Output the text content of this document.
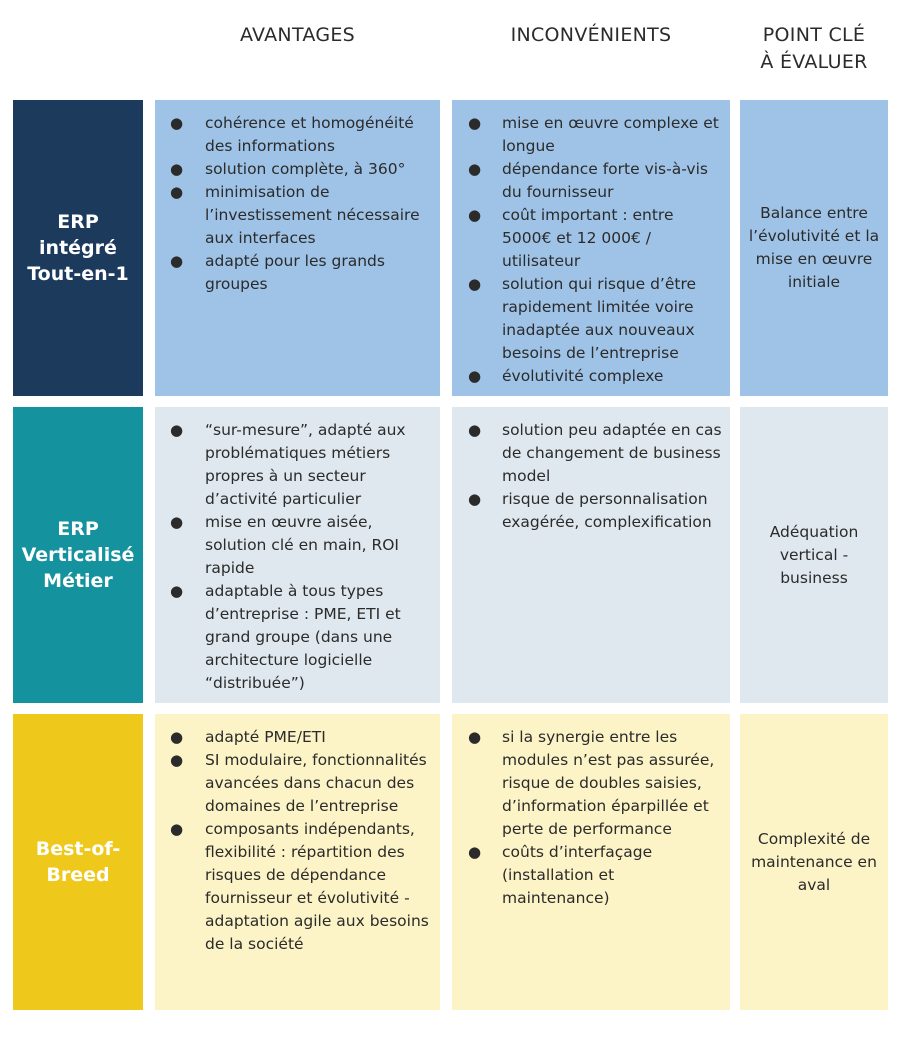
AVANTAGES	INCONVÉNIENTS	POINT CLÉ
À ÉVALUER
ERP
intégré
Tout-en-1
● cohérence et homogénéité des informations
● solution complète, à 360°
● minimisation de l’investissement nécessaire aux interfaces
● adapté pour les grands groupes
● mise en œuvre complexe et longue
● dépendance forte vis-à-vis du fournisseur
● coût important : entre 5000€ et 12 000€ / utilisateur
● solution qui risque d’être rapidement limitée voire inadaptée aux nouveaux besoins de l’entreprise
● évolutivité complexe
Balance entre l’évolutivité et la mise en œuvre initiale
ERP
Verticalisé
Métier
● “sur-mesure”, adapté aux problématiques métiers propres à un secteur d’activité particulier
● mise en œuvre aisée, solution clé en main, ROI rapide
● adaptable à tous types d’entreprise : PME, ETI et grand groupe (dans une architecture logicielle “distribuée”)
● solution peu adaptée en cas de changement de business model
● risque de personnalisation exagérée, complexification
Adéquation vertical - business
Best-of-
Breed
● adapté PME/ETI
● SI modulaire, fonctionnalités avancées dans chacun des domaines de l’entreprise
● composants indépendants, flexibilité : répartition des risques de dépendance fournisseur et évolutivité - adaptation agile aux besoins de la société
● si la synergie entre les modules n’est pas assurée, risque de doubles saisies, d’information éparpillée et perte de performance
● coûts d’interfaçage (installation et maintenance)
Complexité de maintenance en aval
